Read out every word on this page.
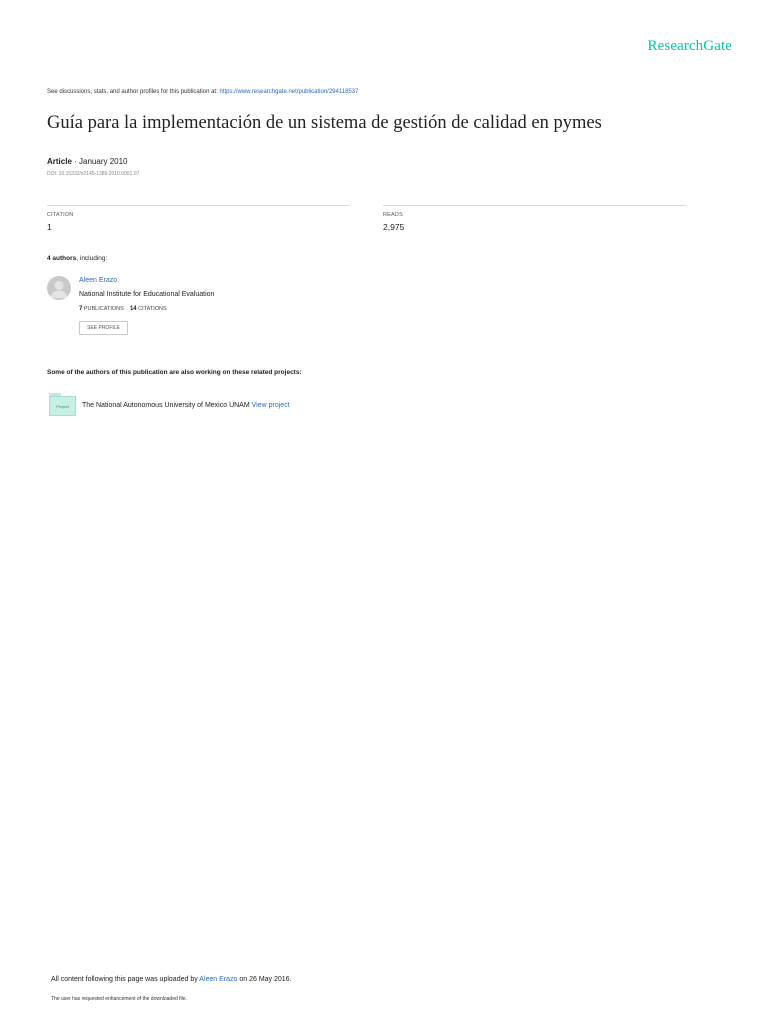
ResearchGate
See discussions, stats, and author profiles for this publication at: https://www.researchgate.net/publication/294118537
Guía para la implementación de un sistema de gestión de calidad en pymes
Article · January 2010
DOI: 10.15332/s2145-1389.2010.0001.07
CITATION
1
READS
2,975
4 authors, including:
Aleen Erazo
National Institute for Educational Evaluation
7 PUBLICATIONS 14 CITATIONS
SEE PROFILE
Some of the authors of this publication are also working on these related projects:
Project The National Autonomous University of Mexico UNAM View project
All content following this page was uploaded by Aleen Erazo on 26 May 2016.
The user has requested enhancement of the downloaded file.
